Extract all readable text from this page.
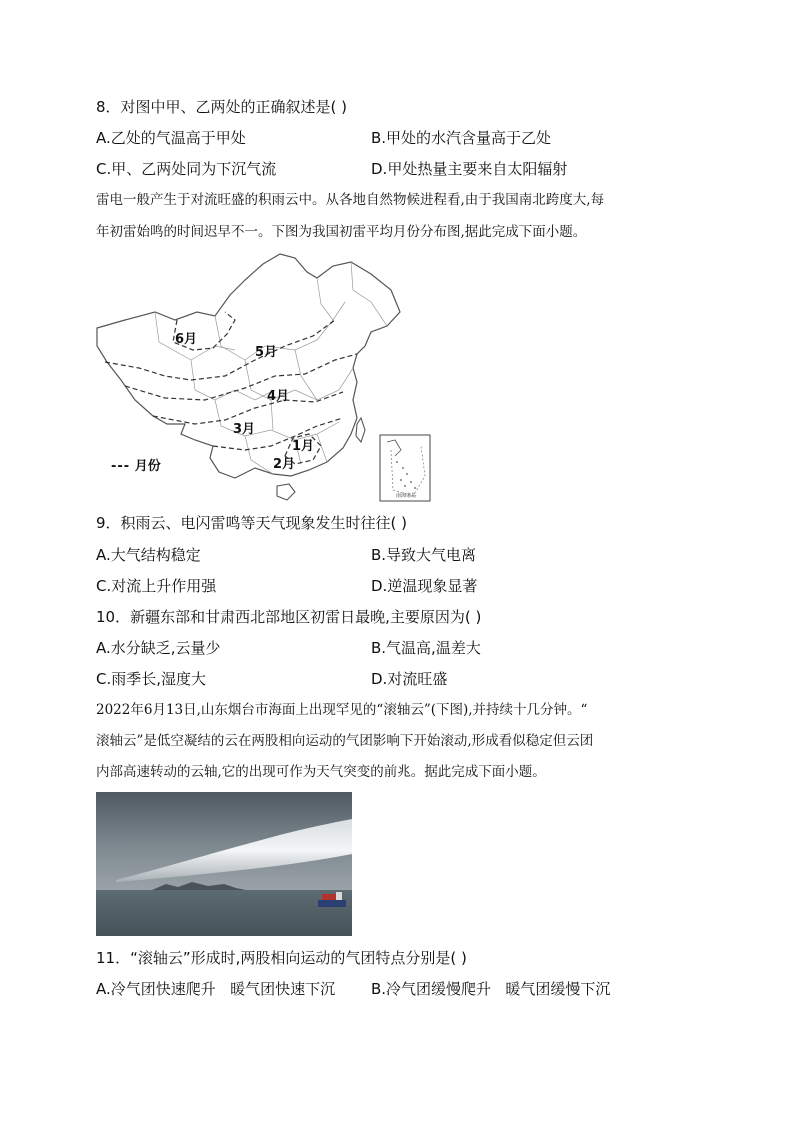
8．对图中甲、乙两处的正确叙述是( )
A.乙处的气温高于甲处	B.甲处的水汽含量高于乙处
C.甲、乙两处同为下沉气流	D.甲处热量主要来自太阳辐射
雷电一般产生于对流旺盛的积雨云中。从各地自然物候进程看,由于我国南北跨度大,每
年初雷始鸣的时间迟早不一。下图为我国初雷平均月份分布图,据此完成下面小题。
6月
5月
4月
3月
1月
2月
--- 月份
南海诸岛
9．积雨云、电闪雷鸣等天气现象发生时往往( )
A.大气结构稳定	B.导致大气电离
C.对流上升作用强	D.逆温现象显著
10．新疆东部和甘肃西北部地区初雷日最晚,主要原因为( )
A.水分缺乏,云量少	B.气温高,温差大
C.雨季长,湿度大	D.对流旺盛
2022年6月13日,山东烟台市海面上出现罕见的“滚轴云”(下图),并持续十几分钟。“
滚轴云”是低空凝结的云在两股相向运动的气团影响下开始滚动,形成看似稳定但云团
内部高速转动的云轴,它的出现可作为天气突变的前兆。据此完成下面小题。
11．“滚轴云”形成时,两股相向运动的气团特点分别是( )
A.冷气团快速爬升   暖气团快速下沉 B.冷气团缓慢爬升   暖气团缓慢下沉
